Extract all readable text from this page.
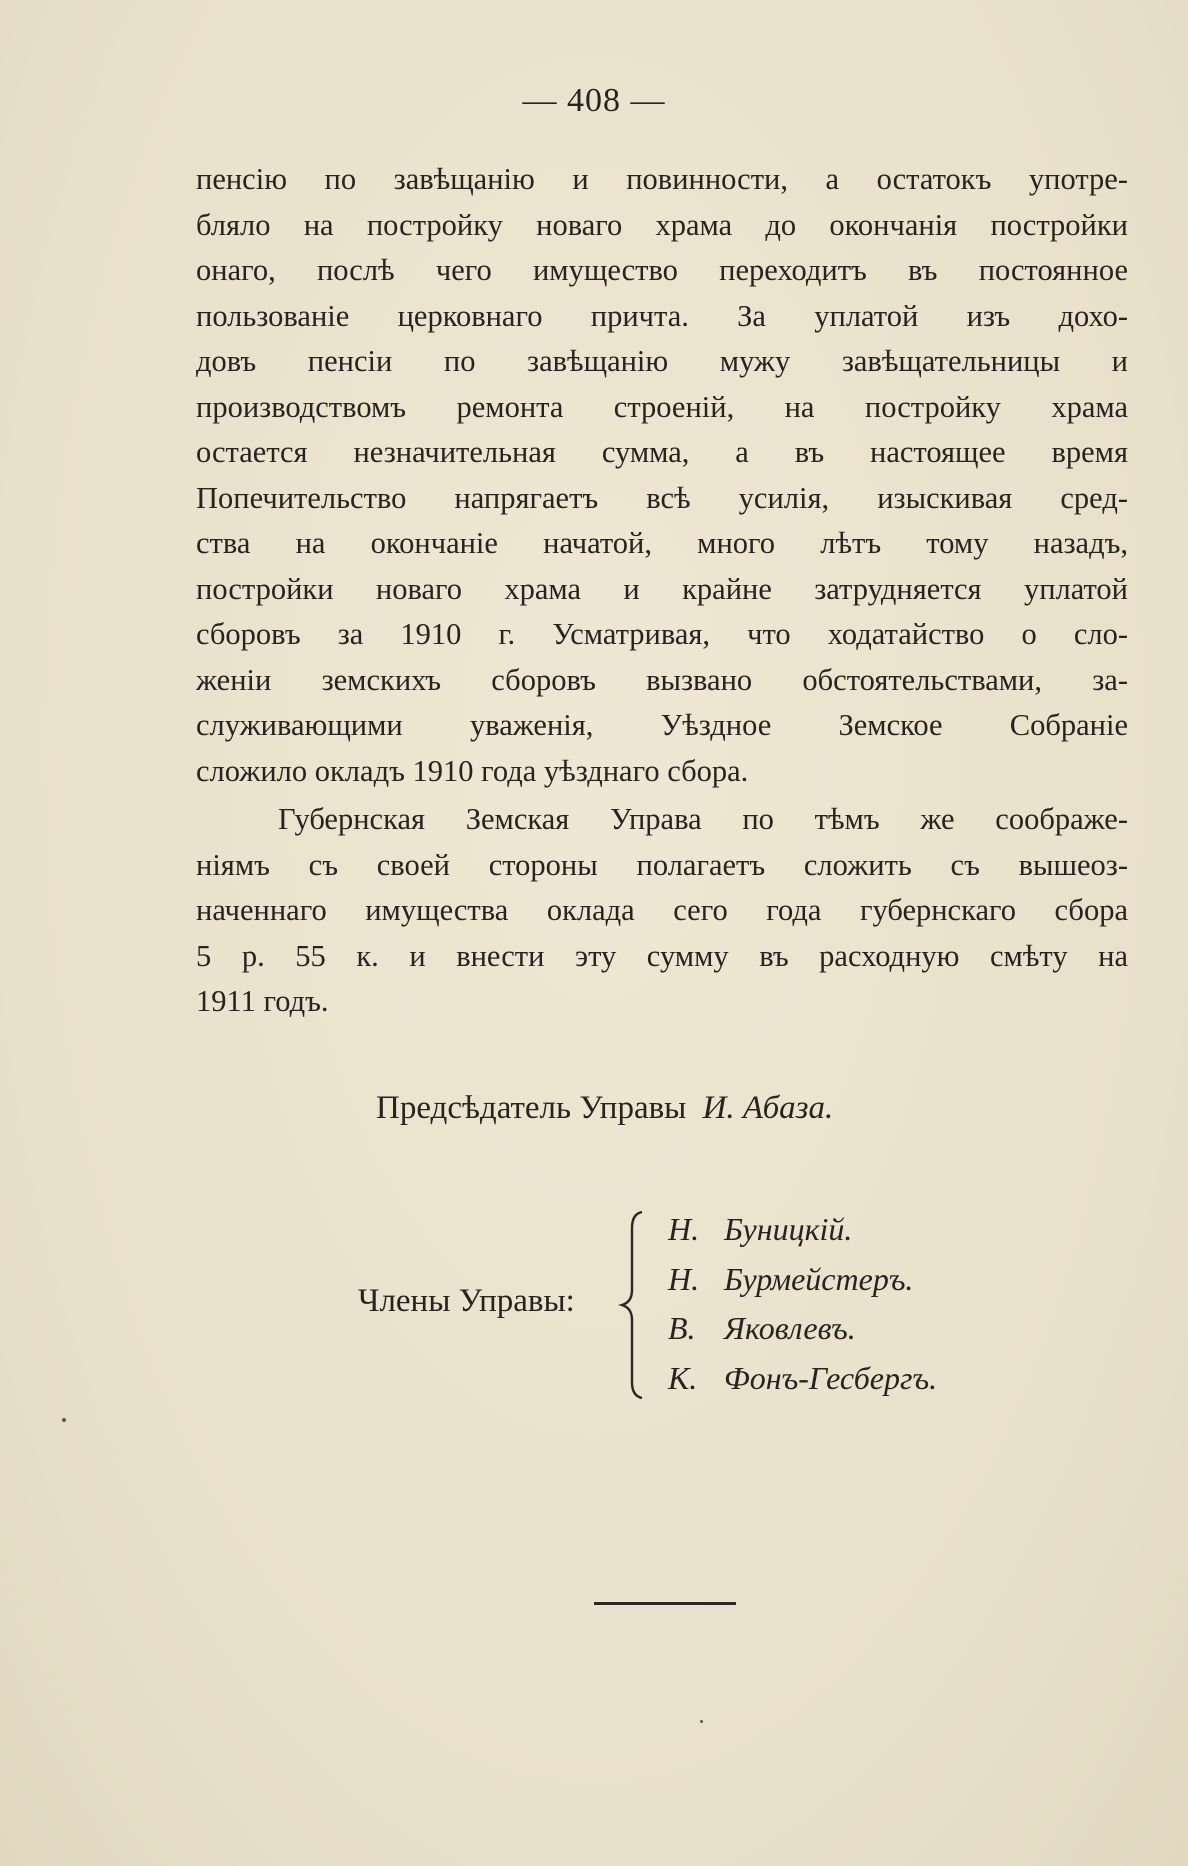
— 408 —
пенсію по завѣщанію и повинности, а остатокъ употре-
бляло на постройку новаго храма до окончанія постройки
онаго, послѣ чего имущество переходитъ въ постоянное
пользованіе церковнаго причта. За уплатой изъ дохо-
довъ пенсіи по завѣщанію мужу завѣщательницы и
производствомъ ремонта строеній, на постройку храма
остается незначительная сумма, а въ настоящее время
Попечительство напрягаетъ всѣ усилія, изыскивая сред-
ства на окончаніе начатой, много лѣтъ тому назадъ,
постройки новаго храма и крайне затрудняется уплатой
сборовъ за 1910 г. Усматривая, что ходатайство о сло-
женіи земскихъ сборовъ вызвано обстоятельствами, за-
служивающими уваженія, Уѣздное Земское Собраніе
сложило окладъ 1910 года уѣзднаго сбора.
Губернская Земская Управа по тѣмъ же соображе-
ніямъ съ своей стороны полагаетъ сложить съ вышеоз-
наченнаго имущества оклада сего года губернскаго сбора
5 р. 55 к. и внести эту сумму въ расходную смѣту на
1911 годъ.
Предсѣдатель Управы И. Абаза.
Члены Управы:
Н. Буницкій.
Н. Бурмейстеръ.
В. Яковлевъ.
К. Фонъ-Гесбергъ.
